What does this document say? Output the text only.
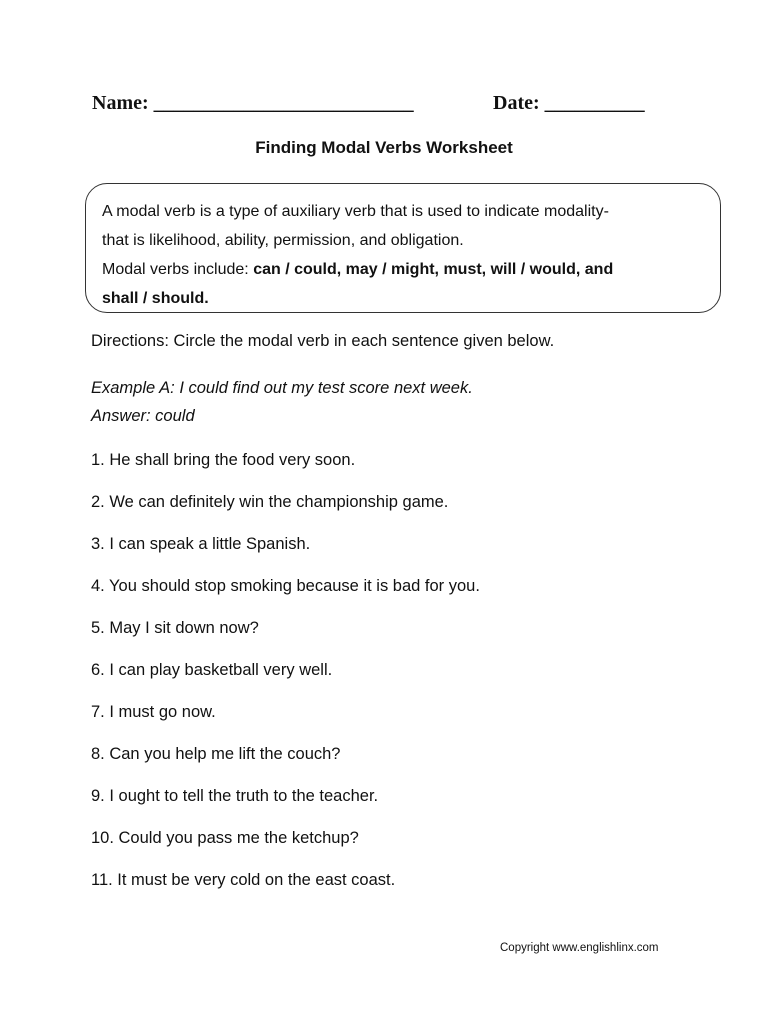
Name: __________________________	Date: __________
Finding Modal Verbs Worksheet

A modal verb is a type of auxiliary verb that is used to indicate modality-

that is likelihood, ability, permission, and obligation.

Modal verbs include: can / could, may / might, must, will / would, and

shall / should.

Directions: Circle the modal verb in each sentence given below.
Example A: I could find out my test score next week.
Answer: could
1. He shall bring the food very soon.
2. We can definitely win the championship game.
3. I can speak a little Spanish.
4. You should stop smoking because it is bad for you.
5. May I sit down now?
6. I can play basketball very well.
7. I must go now.
8. Can you help me lift the couch?
9. I ought to tell the truth to the teacher.
10. Could you pass me the ketchup?
11. It must be very cold on the east coast.
Copyright www.englishlinx.com
